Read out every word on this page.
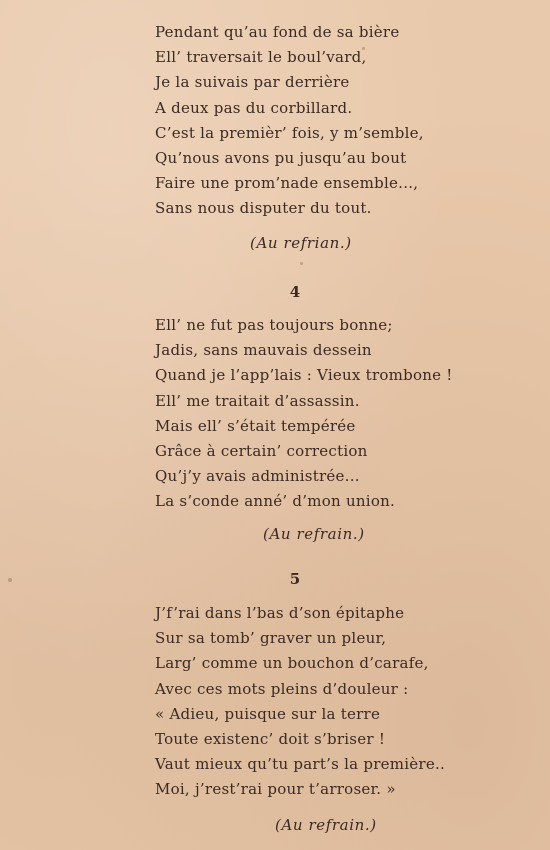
Pendant qu’au fond de sa bière
Ell’ traversait le boul’vard,
Je la suivais par derrière
A deux pas du corbillard.
C’est la premièr’ fois, y m’semble,
Qu’nous avons pu jusqu’au bout
Faire une prom’nade ensemble...,
Sans nous disputer du tout.
(Au refrian.)
4
Ell’ ne fut pas toujours bonne;
Jadis, sans mauvais dessein
Quand je l’app’lais : Vieux trombone !
Ell’ me traitait d’assassin.
Mais ell’ s’était tempérée
Grâce à certain’ correction
Qu’j’y avais administrée...
La s’conde anné’ d’mon union.
(Au refrain.)
5
J’f’rai dans l’bas d’son épitaphe
Sur sa tomb’ graver un pleur,
Larg’ comme un bouchon d’carafe,
Avec ces mots pleins d’douleur :
« Adieu, puisque sur la terre
Toute existenc’ doit s’briser !
Vaut mieux qu’tu part’s la première..
Moi, j’rest’rai pour t’arroser. »
(Au refrain.)
